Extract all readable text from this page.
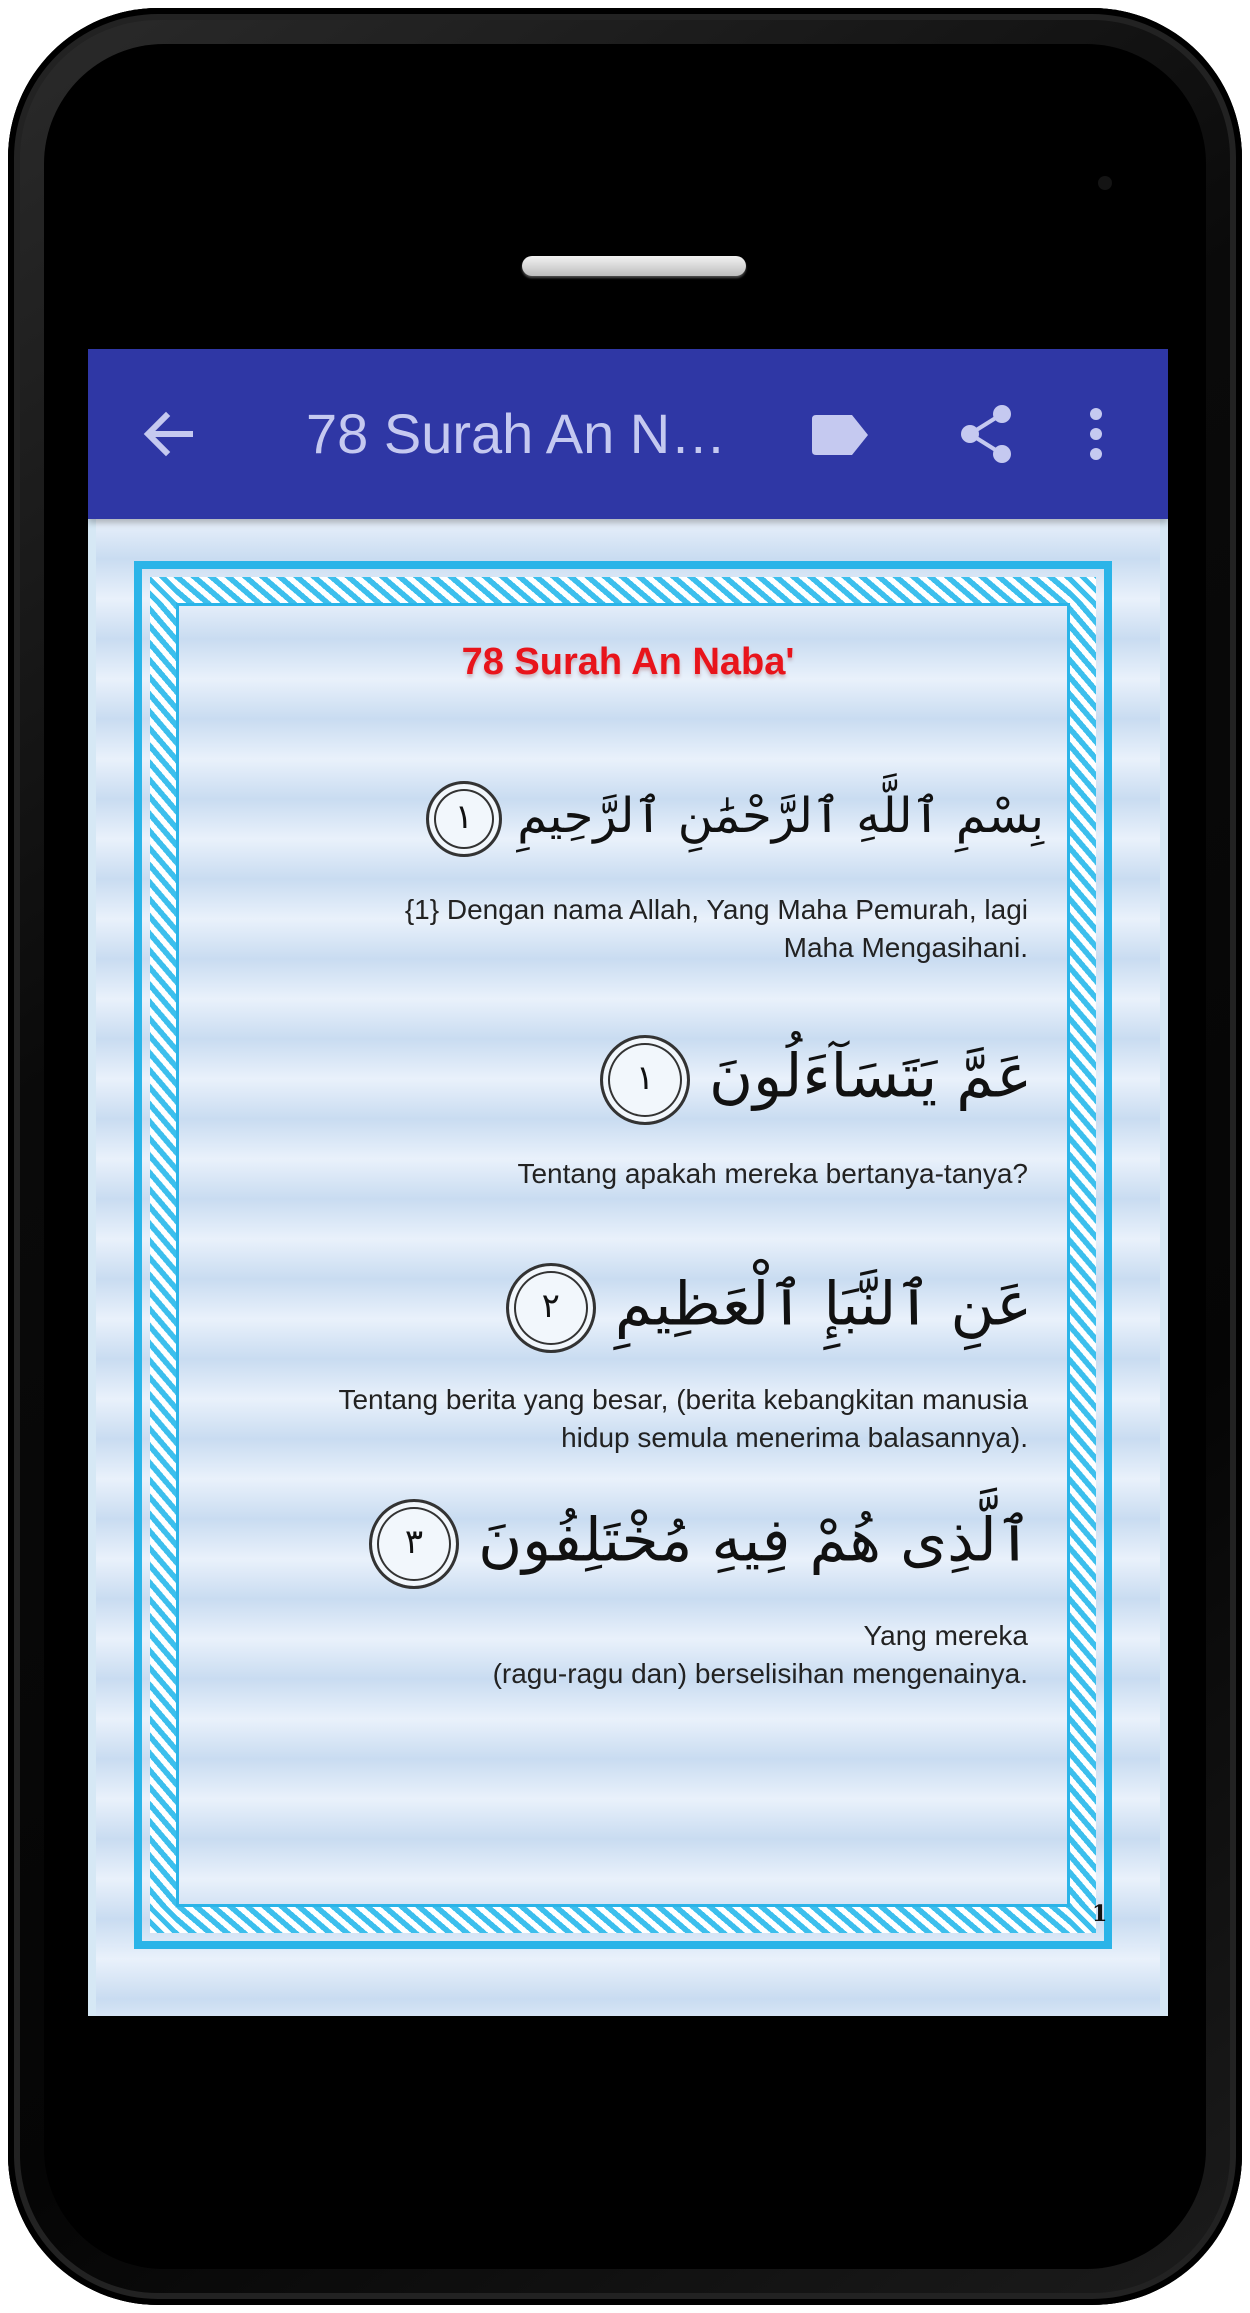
78 Surah An N…
78 Surah An Naba'
بِسْمِ ٱللَّهِ ٱلرَّحْمَٰنِ ٱلرَّحِيمِ ١
{1} Dengan nama Allah, Yang Maha Pemurah, lagi
Maha Mengasihani.
عَمَّ يَتَسَآءَلُونَ ١
Tentang apakah mereka bertanya-tanya?
عَنِ ٱلنَّبَإِ ٱلْعَظِيمِ ٢
Tentang berita yang besar, (berita kebangkitan manusia
hidup semula menerima balasannya).
ٱلَّذِى هُمْ فِيهِ مُخْتَلِفُونَ ٣
Yang mereka
(ragu-ragu dan) berselisihan mengenainya.
1
